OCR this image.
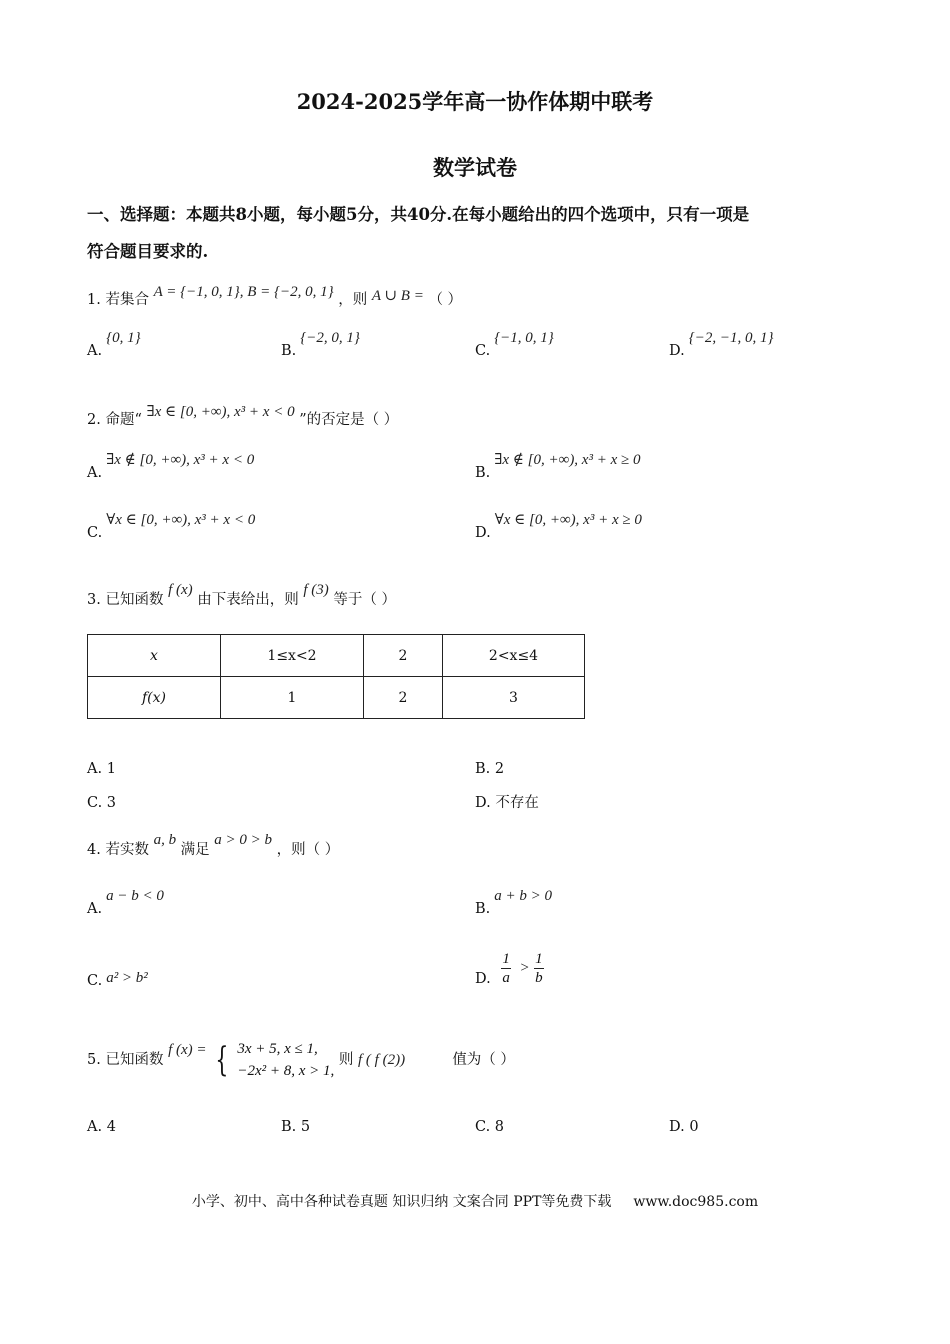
2024-2025学年高一协作体期中联考
数学试卷
一、选择题：本题共8小题，每小题5分，共40分.在每小题给出的四个选项中，只有一项是
符合题目要求的.
1. 若集合 A = {−1, 0, 1}, B = {−2, 0, 1} ，则 A ∪ B = （ ）
A.{0, 1}
B.{−2, 0, 1}
C.{−1, 0, 1}
D.{−2, −1, 0, 1}
2. 命题“ ∃x ∈ [0, +∞), x³ + x < 0 ”的否定是（ ）
A.∃x ∉ [0, +∞), x³ + x < 0
B.∃x ∉ [0, +∞), x³ + x ≥ 0
C.∀x ∈ [0, +∞), x³ + x < 0
D.∀x ∈ [0, +∞), x³ + x ≥ 0
3. 已知函数 f (x) 由下表给出，则 f (3) 等于（ ）
x	1≤x<2	2	2<x≤4
f(x)	1	2	3
A. 1	B. 2
C. 3	D. 不存在
4. 若实数 a, b 满足 a > 0 > b ，则（ ）
A.a − b < 0
B.a + b > 0
C. a² > b²	D. $\frac{1}{a} > \frac{1}{b}$
5. 已知函数 f (x) = { 3x + 5, x ≤ 1,
−2x² + 8, x > 1,
则 f ( f (2))	值为（ ）
A. 4	B. 5	C. 8	D. 0
小学、初中、高中各种试卷真题 知识归纳 文案合同 PPT等免费下载 www.doc985.com
